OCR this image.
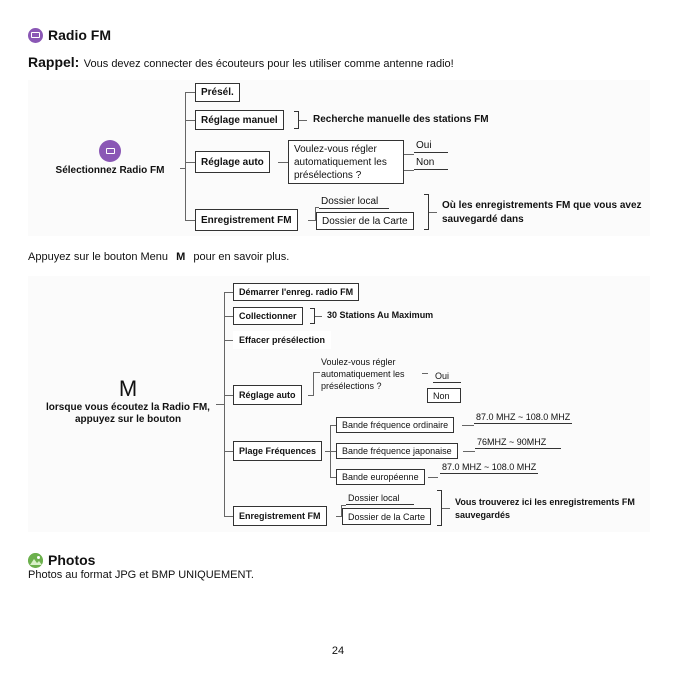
Radio FM
Rappel: Vous devez connecter des écouteurs pour les utiliser comme antenne radio!
Sélectionnez Radio FM
Présél.
Réglage manuel	Recherche manuelle des stations FM
Réglage auto
Voulez-vous régler automatiquement les présélections ?
Oui
Non
Enregistrement FM
Dossier local
Dossier de la Carte
Où les enregistrements FM que vous avez sauvegardé dans
Appuyez sur le bouton Menu M pour en savoir plus.
M
lorsque vous écoutez la Radio FM, appuyez sur le bouton
Démarrer l'enreg. radio FM
Collectionner	30 Stations Au Maximum
Effacer présélection
Réglage auto
Voulez-vous régler automatiquement les présélections ?
Oui
Non
Plage Fréquences
Bande fréquence ordinaire
87.0 MHZ ~ 108.0 MHZ
Bande fréquence japonaise
76MHZ ~ 90MHZ
Bande européenne
87.0 MHZ ~ 108.0 MHZ
Enregistrement FM
Dossier local
Dossier de la Carte
Vous trouverez ici les enregistrements FM sauvegardés
Photos
Photos au format JPG et BMP UNIQUEMENT.
24
